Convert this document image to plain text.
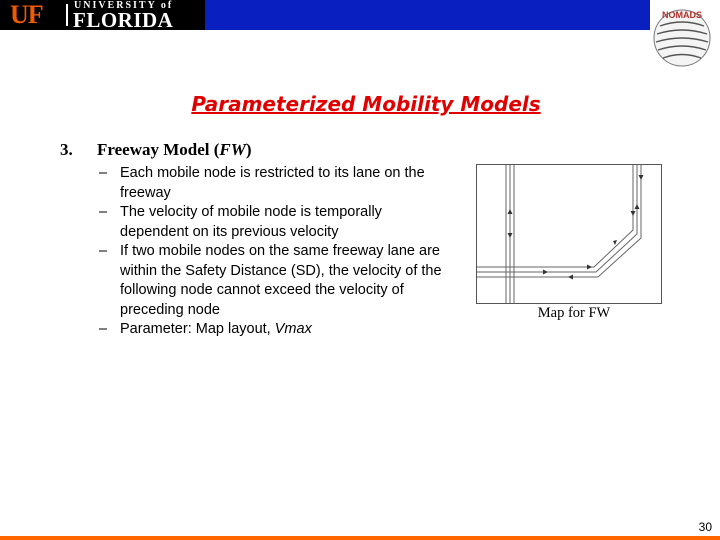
UF	UNIVERSITY of
FLORIDA	NOMADS
Parameterized Mobility Models
3. Freeway Model (FW)
– Each mobile node is restricted to its lane on the freeway
– The velocity of mobile node is temporally dependent on its previous velocity
– If two mobile nodes on the same freeway lane are within the Safety Distance (SD), the velocity of the following node cannot exceed the velocity of preceding node
– Parameter: Map layout, Vmax
Map for FW
30
